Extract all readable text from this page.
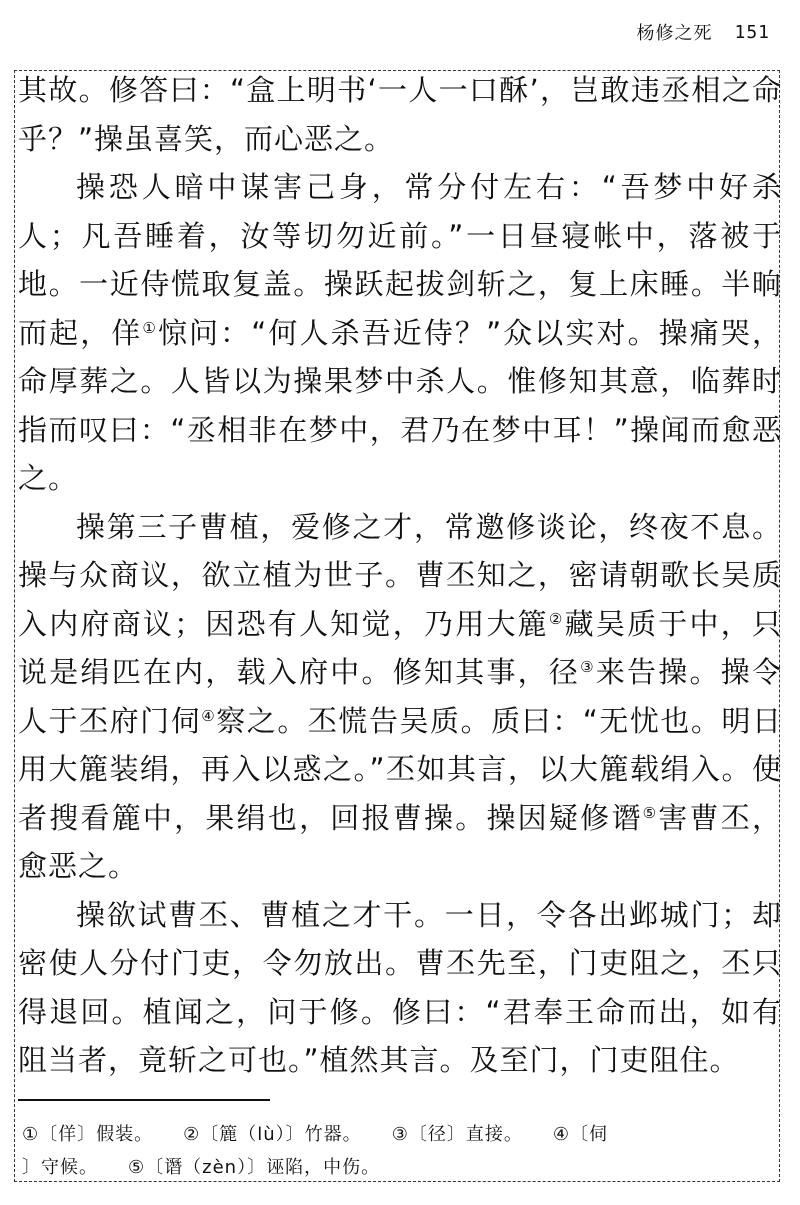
杨修之死 151

其故。修答曰：“盒上明书‘一人一口酥’，岂敢违丞相之命乎？”操虽喜笑，而心恶之。

操恐人暗中谋害己身，常分付左右：“吾梦中好杀人；凡吾睡着，汝等切勿近前。”一日昼寝帐中，落被于地。一近侍慌取复盖。操跃起拔剑斩之，复上床睡。半晌而起，佯①惊问：“何人杀吾近侍？”众以实对。操痛哭，命厚葬之。人皆以为操果梦中杀人。惟修知其意，临葬时指而叹曰：“丞相非在梦中，君乃在梦中耳！”操闻而愈恶之。

操第三子曹植，爱修之才，常邀修谈论，终夜不息。操与众商议，欲立植为世子。曹丕知之，密请朝歌长吴质入内府商议；因恐有人知觉，乃用大簏②藏吴质于中，只说是绢匹在内，载入府中。修知其事，径③来告操。操令人于丕府门伺④察之。丕慌告吴质。质曰：“无忧也。明日用大簏装绢，再入以惑之。”丕如其言，以大簏载绢入。使者搜看簏中，果绢也，回报曹操。操因疑修谮⑤害曹丕，愈恶之。

操欲试曹丕、曹植之才干。一日，令各出邺城门；却密使人分付门吏，令勿放出。曹丕先至，门吏阻之，丕只得退回。植闻之，问于修。修曰：“君奉王命而出，如有阻当者，竟斩之可也。”植然其言。及至门，门吏阻住。

①〔佯〕假装。 ②〔簏（lù）〕竹器。 ③〔径〕直接。 ④〔伺
〕守候。 ⑤〔谮（zèn）〕诬陷，中伤。
